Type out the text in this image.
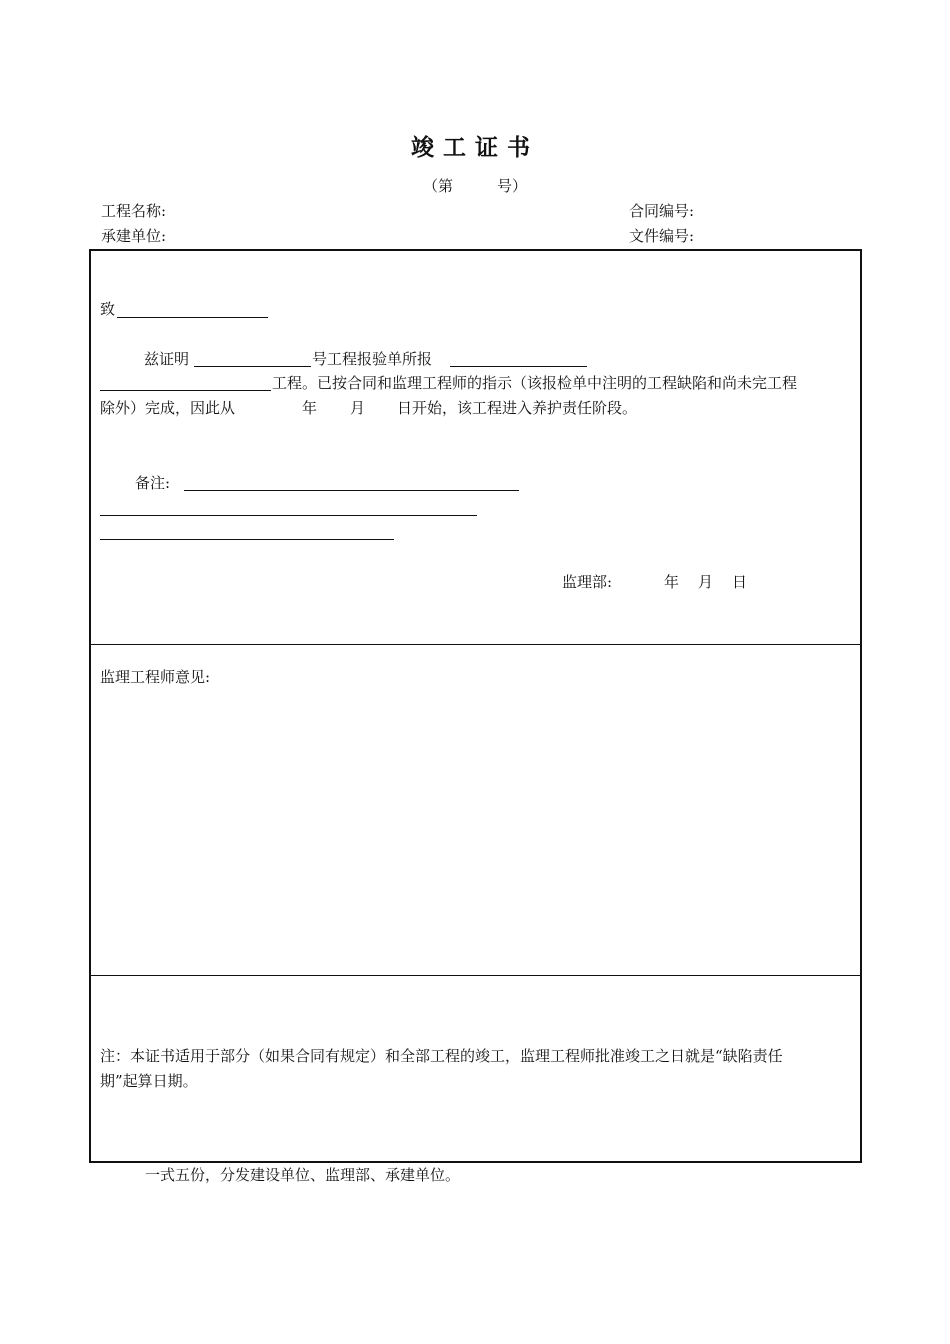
竣工证书
（第	号）
工程名称:	合同编号:
承建单位:	文件编号:
致
兹证明	号工程报验单所报
工程。已按合同和监理工程师的指示（该报检单中注明的工程缺陷和尚未完工程
除外）完成，因此从	年 月 日开始，该工程进入养护责任阶段。
备注:
监理部:	年 月 日
监理工程师意见:
注：本证书适用于部分（如果合同有规定）和全部工程的竣工，监理工程师批准竣工之日就是“缺陷责任
期”起算日期。
一式五份，分发建设单位、监理部、承建单位。
